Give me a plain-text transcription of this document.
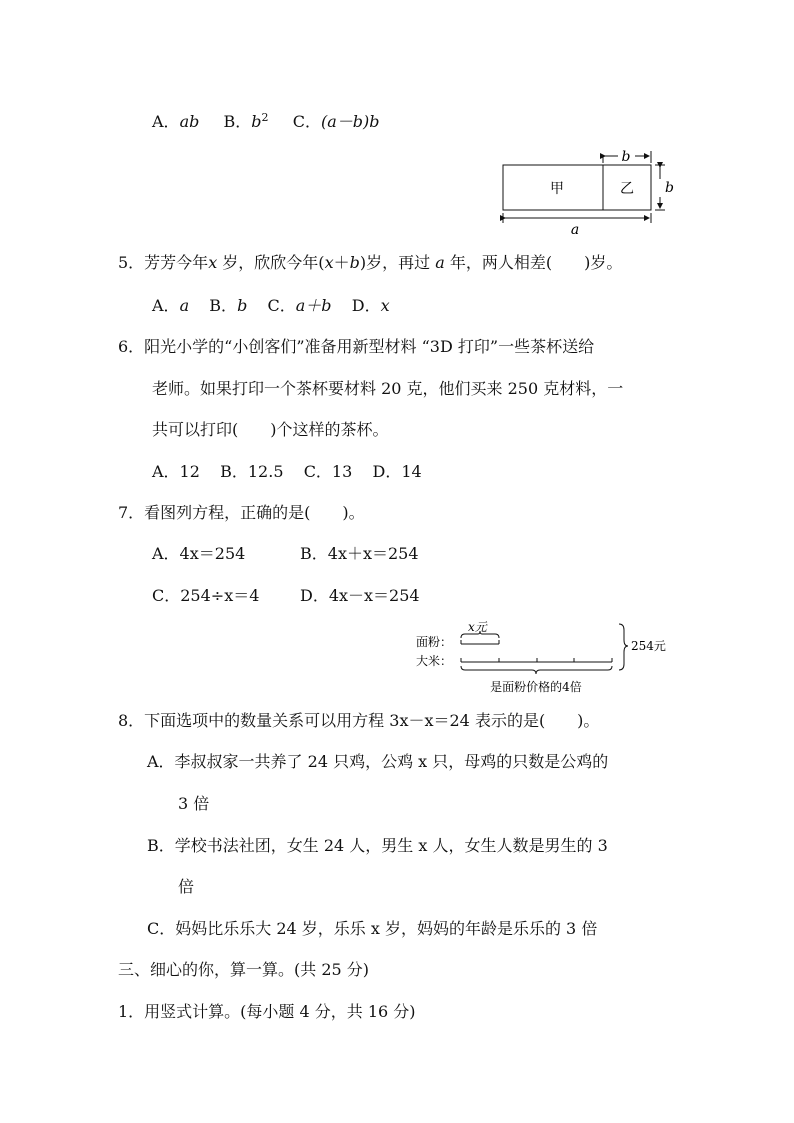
A．ab B．$b^2$ C．(a－b)b
甲	乙
b
b
a
5．芳芳今年x 岁，欣欣今年(x＋b)岁，再过 a 年，两人相差(　　)岁。
A．a B．b C．a＋b D．x
6．阳光小学的“小创客们”准备用新型材料 “3D 打印”一些茶杯送给
老师。如果打印一个茶杯要材料 20 克，他们买来 250 克材料，一
共可以打印(　　)个这样的茶杯。
A．12 B．12.5 C．13 D．14
7．看图列方程，正确的是(　　)。
A．4x＝254	B．4x＋x＝254
C．254÷x＝4	D．4x－x＝254
面粉：
大米：
x元
是面粉价格的4倍
254元
8．下面选项中的数量关系可以用方程 3x－x＝24 表示的是(　　)。
A．李叔叔家一共养了 24 只鸡，公鸡 x 只，母鸡的只数是公鸡的
3 倍
B．学校书法社团，女生 24 人，男生 x 人，女生人数是男生的 3
倍
C．妈妈比乐乐大 24 岁，乐乐 x 岁，妈妈的年龄是乐乐的 3 倍
三、细心的你，算一算。(共 25 分)
1．用竖式计算。(每小题 4 分，共 16 分)
